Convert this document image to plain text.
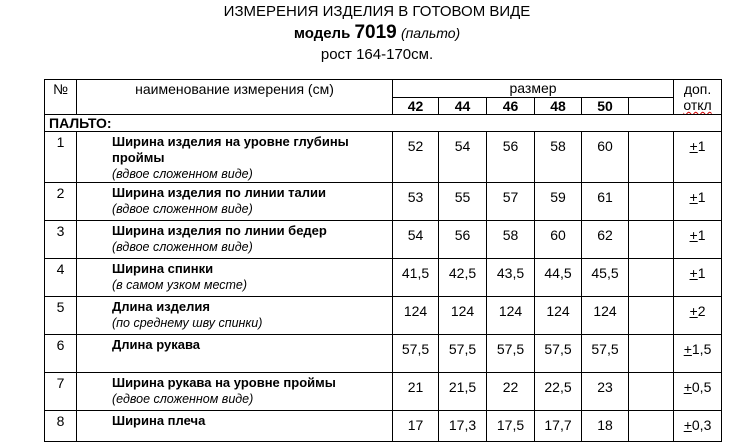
ИЗМЕРЕНИЯ ИЗДЕЛИЯ В ГОТОВОМ ВИДЕ
модель 7019 (пальто)
рост 164-170см.
№	наименование измерения (см)	размер						доп.
откл
		42	44	46	48	50		
ПАЛЬТО:								
1	Ширина изделия на уровне глубины проймы
(вдвое сложенном виде)	52	54	56	58	60		+1
2	Ширина изделия по линии талии
(вдвое сложенном виде)	53	55	57	59	61		+1
3	Ширина изделия по линии бедер
(вдвое сложенном виде)	54	56	58	60	62		+1
4	Ширина спинки
(в самом узком месте)	41,5	42,5	43,5	44,5	45,5		+1
5	Длина изделия
(по среднему шву спинки)	124	124	124	124	124		+2
6	Длина рукава	57,5	57,5	57,5	57,5	57,5		+1,5
7	Ширина рукава на уровне проймы
(едвое сложенном виде)	21	21,5	22	22,5	23		+0,5
8	Ширина плеча	17	17,3	17,5	17,7	18		+0,3
